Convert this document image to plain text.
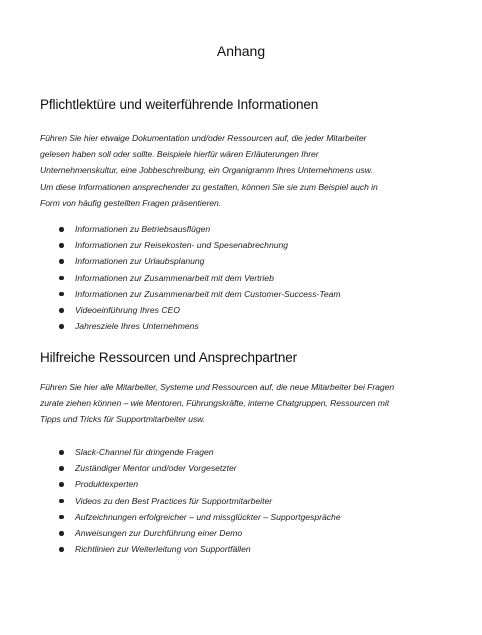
Anhang
Pflichtlektüre und weiterführende Informationen

Führen Sie hier etwaige Dokumentation und/oder Ressourcen auf, die jeder Mitarbeiter
gelesen haben soll oder sollte. Beispiele hierfür wären Erläuterungen Ihrer
Unternehmenskultur, eine Jobbeschreibung, ein Organigramm Ihres Unternehmens usw.
Um diese Informationen ansprechender zu gestalten, können Sie sie zum Beispiel auch in
Form von häufig gestellten Fragen präsentieren.

Informationen zu Betriebsausflügen
Informationen zur Reisekosten- und Spesenabrechnung
Informationen zur Urlaubsplanung
Informationen zur Zusammenarbeit mit dem Vertrieb
Informationen zur Zusammenarbeit mit dem Customer-Success-Team
Videoeinführung Ihres CEO
Jahresziele Ihres Unternehmens
Hilfreiche Ressourcen und Ansprechpartner

Führen Sie hier alle Mitarbeiter, Systeme und Ressourcen auf, die neue Mitarbeiter bei Fragen
zurate ziehen können – wie Mentoren, Führungskräfte, interne Chatgruppen, Ressourcen mit
Tipps und Tricks für Supportmitarbeiter usw.

Slack-Channel für dringende Fragen
Zuständiger Mentor und/oder Vorgesetzter
Produktexperten
Videos zu den Best Practices für Supportmitarbeiter
Aufzeichnungen erfolgreicher – und missglückter – Supportgespräche
Anweisungen zur Durchführung einer Demo
Richtlinien zur Weiterleitung von Supportfällen
